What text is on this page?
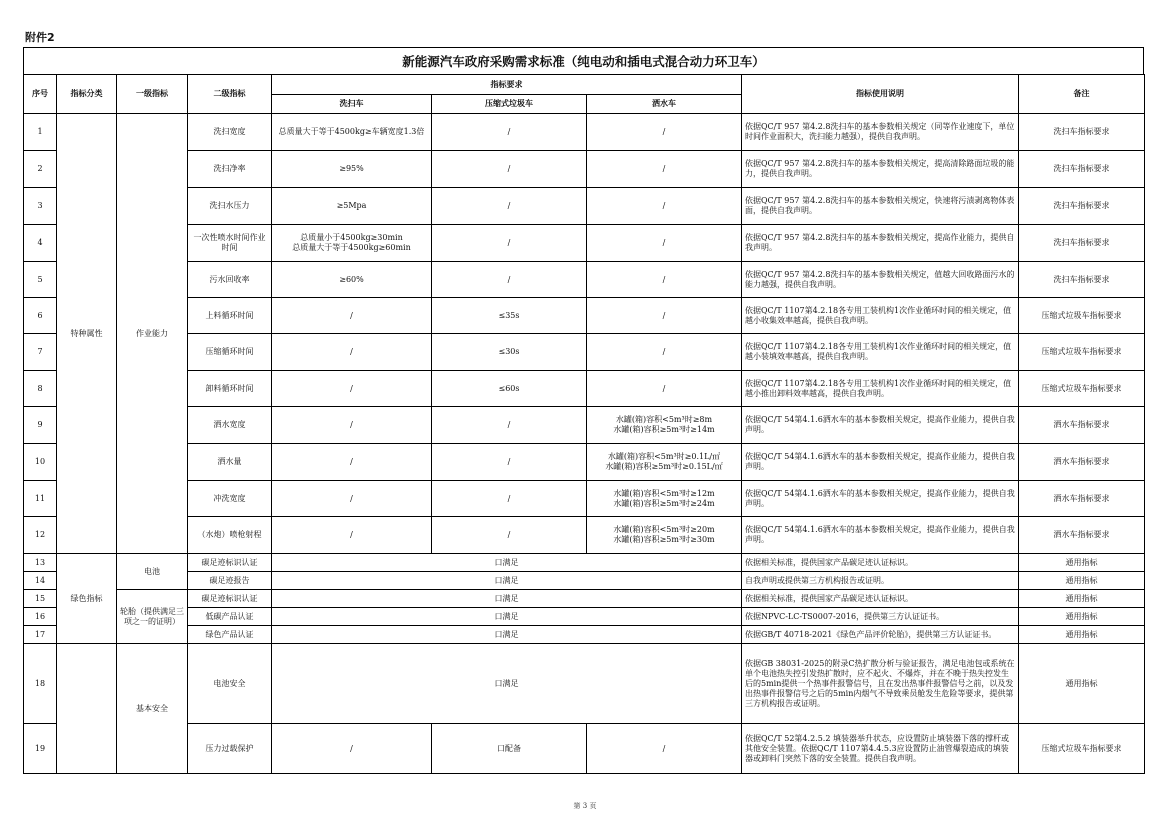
附件2
新能源汽车政府采购需求标准（纯电动和插电式混合动力环卫车）
序号	指标分类	一级指标	二级指标	指标要求			指标使用说明	备注
				洗扫车	压缩式垃圾车	洒水车		
1	特种属性	作业能力	洗扫宽度	总质量大于等于4500kg≥车辆宽度1.3倍	/	/	依据QC/T 957 第4.2.8洗扫车的基本参数相关规定（同等作业速度下，单位时间作业面积大，洗扫能力越强），提供自我声明。	洗扫车指标要求
2			洗扫净率	≥95%	/	/	依据QC/T 957 第4.2.8洗扫车的基本参数相关规定，提高清除路面垃圾的能力，提供自我声明。	洗扫车指标要求
3			洗扫水压力	≥5Mpa	/	/	依据QC/T 957 第4.2.8洗扫车的基本参数相关规定，快速将污渍剥离物体表面，提供自我声明。	洗扫车指标要求
4			一次性喷水时间作业时间	总质量小于4500kg≥30min
总质量大于等于4500kg≥60min	/	/	依据QC/T 957 第4.2.8洗扫车的基本参数相关规定，提高作业能力，提供自我声明。	洗扫车指标要求
5			污水回收率	≥60%	/	/	依据QC/T 957 第4.2.8洗扫车的基本参数相关规定，值越大回收路面污水的能力越强，提供自我声明。	洗扫车指标要求
6			上料循环时间	/	≤35s	/	依据QC/T 1107第4.2.18各专用工装机构1次作业循环时间的相关规定，值越小收集效率越高，提供自我声明。	压缩式垃圾车指标要求
7			压缩循环时间	/	≤30s	/	依据QC/T 1107第4.2.18各专用工装机构1次作业循环时间的相关规定，值越小装填效率越高，提供自我声明。	压缩式垃圾车指标要求
8			卸料循环时间	/	≤60s	/	依据QC/T 1107第4.2.18各专用工装机构1次作业循环时间的相关规定，值越小推出卸料效率越高，提供自我声明。	压缩式垃圾车指标要求
9			洒水宽度	/	/	水罐(箱)容积<5m³时≥8m
水罐(箱)容积≥5m³时≥14m	依据QC/T 54第4.1.6洒水车的基本参数相关规定，提高作业能力，提供自我声明。	洒水车指标要求
10			洒水量	/	/	水罐(箱)容积<5m³时≥0.1L/㎡
水罐(箱)容积≥5m³时≥0.15L/㎡	依据QC/T 54第4.1.6洒水车的基本参数相关规定，提高作业能力，提供自我声明。	洒水车指标要求
11			冲洗宽度	/	/	水罐(箱)容积<5m³时≥12m
水罐(箱)容积≥5m³时≥24m	依据QC/T 54第4.1.6洒水车的基本参数相关规定，提高作业能力，提供自我声明。	洒水车指标要求
12			（水炮）喷枪射程	/	/	水罐(箱)容积<5m³时≥20m
水罐(箱)容积≥5m³时≥30m	依据QC/T 54第4.1.6洒水车的基本参数相关规定，提高作业能力，提供自我声明。	洒水车指标要求
13	绿色指标	电池	碳足迹标识认证	口满足			依据相关标准，提供国家产品碳足迹认证标识。	通用指标
14			碳足迹报告	口满足			自我声明或提供第三方机构报告或证明。	通用指标
15		轮胎（提供满足三项之一的证明）	碳足迹标识认证	口满足			依据相关标准，提供国家产品碳足迹认证标识。	通用指标
16			低碳产品认证	口满足			依据NPVC-LC-TS0007-2016，提供第三方认证证书。	通用指标
17			绿色产品认证	口满足			依据GB/T 40718-2021《绿色产品评价轮胎》，提供第三方认证证书。	通用指标
18		基本安全	电池安全	口满足			依据GB 38031-2025的附录C热扩散分析与验证报告，满足电池包或系统在单个电池热失控引发热扩散时，应不起火、不爆炸，并在不晚于热失控发生后的5min提供一个热事件报警信号，且在发出热事件报警信号之前，以及发出热事件报警信号之后的5min内烟气不导致乘员舱发生危险等要求，提供第三方机构报告或证明。	通用指标
19			压力过载保护	/	口配备	/	依据QC/T 52第4.2.5.2 填装器举升状态，应设置防止填装器下落的撑杆或其他安全装置。依据QC/T 1107第4.4.5.3应设置防止油管爆裂造成的填装器或卸料门突然下落的安全装置。提供自我声明。	压缩式垃圾车指标要求
第 3 页
